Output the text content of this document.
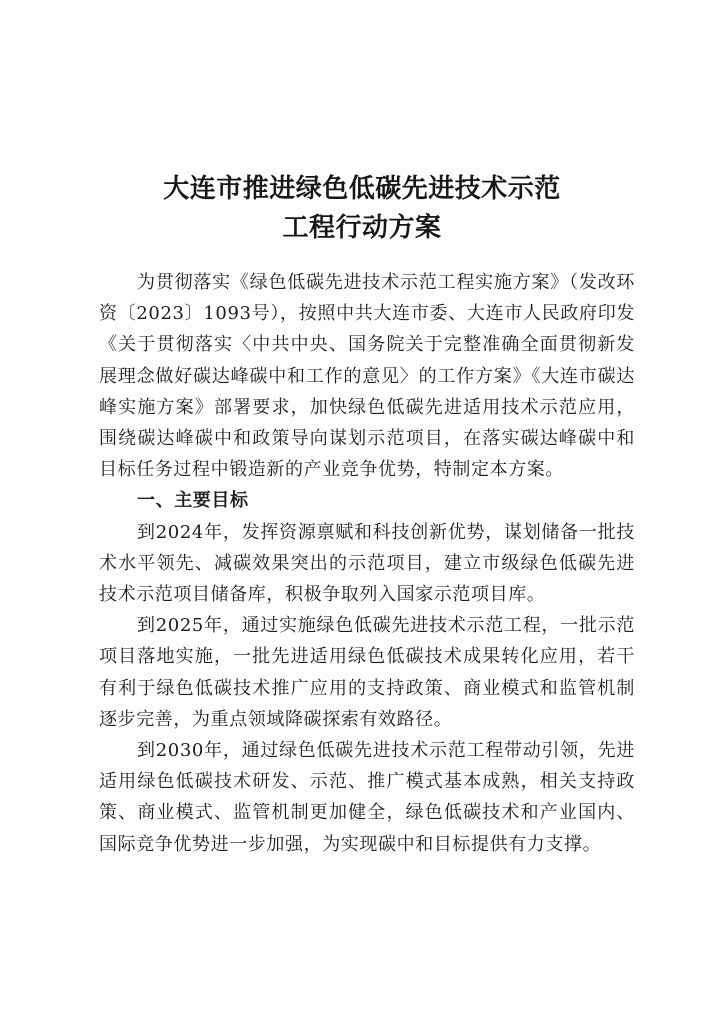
大连市推进绿色低碳先进技术示范
工程行动方案

为贯彻落实《绿色低碳先进技术示范工程实施方案》（发改环资〔2023〕1093号），按照中共大连市委、大连市人民政府印发《关于贯彻落实〈中共中央、国务院关于完整准确全面贯彻新发展理念做好碳达峰碳中和工作的意见〉的工作方案》《大连市碳达峰实施方案》部署要求，加快绿色低碳先进适用技术示范应用，围绕碳达峰碳中和政策导向谋划示范项目，在落实碳达峰碳中和目标任务过程中锻造新的产业竞争优势，特制定本方案。

一、主要目标

到2024年，发挥资源禀赋和科技创新优势，谋划储备一批技术水平领先、减碳效果突出的示范项目，建立市级绿色低碳先进技术示范项目储备库，积极争取列入国家示范项目库。

到2025年，通过实施绿色低碳先进技术示范工程，一批示范项目落地实施，一批先进适用绿色低碳技术成果转化应用，若干有利于绿色低碳技术推广应用的支持政策、商业模式和监管机制逐步完善，为重点领域降碳探索有效路径。

到2030年，通过绿色低碳先进技术示范工程带动引领，先进适用绿色低碳技术研发、示范、推广模式基本成熟，相关支持政策、商业模式、监管机制更加健全，绿色低碳技术和产业国内、国际竞争优势进一步加强，为实现碳中和目标提供有力支撑。
